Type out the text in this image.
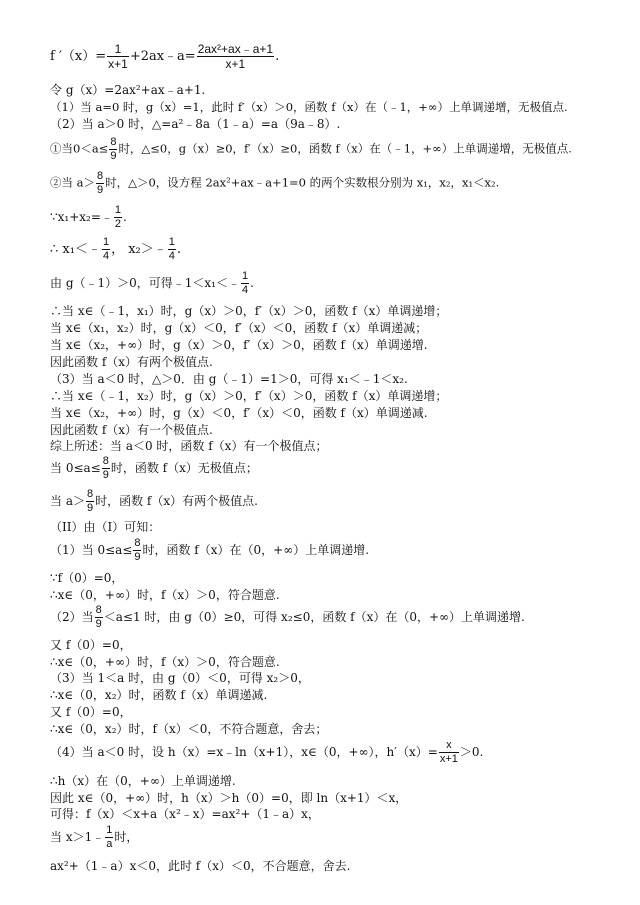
f $'(x)= \frac{1}{x+1}$ +2ax﹣a= $\frac{\text{2ax²+ax﹣a+1}}{x+1}$ .
令 g（x）=2ax²+ax﹣a+1.
（1）当 a=0 时，g（x）=1，此时 f′（x）＞0，函数 f（x）在（﹣1，+∞）上单调递增，无极值点.
（2）当 a＞0 时，△=a²﹣8a（1﹣a）=a（9a﹣8）.
①当$0<a\le \frac{8}{9}$ 时，△≤0，g（x）≥0，f′（x）≥0，函数 f（x）在（﹣1，+∞）上单调递增，无极值点.
②当 $a> \frac{8}{9}$ 时，△＞0，设方程 2ax²+ax﹣a+1=0 的两个实数根分别为 x₁，x₂，x₁＜x₂.
∵x₁+x₂=﹣ $\frac{1}{2}$ .
∴ x₁＜﹣ $\frac{1}{4}$ ， x₂＞﹣ $\frac{1}{4}$ .
由 g（﹣1）＞0，可得﹣1＜x₁＜﹣ $\frac{1}{4}$ .
∴当 x∈（﹣1，x₁）时，g（x）＞0，f′（x）＞0，函数 f（x）单调递增；
当 x∈（x₁，x₂）时，g（x）＜0，f′（x）＜0，函数 f（x）单调递减；
当 x∈（x₂，+∞）时，g（x）＞0，f′（x）＞0，函数 f（x）单调递增.
因此函数 f（x）有两个极值点.
（3）当 a＜0 时，△＞0．由 g（﹣1）=1＞0，可得 x₁＜﹣1＜x₂.
∴当 x∈（﹣1，x₂）时，g（x）＞0，f′（x）＞0，函数 f（x）单调递增；
当 x∈（x₂，+∞）时，g（x）＜0，f′（x）＜0，函数 f（x）单调递减.
因此函数 f（x）有一个极值点.
综上所述：当 a＜0 时，函数 f（x）有一个极值点；
当 $0\le a\le \frac{8}{9}$ 时，函数 f（x）无极值点；
当 $a> \frac{8}{9}$ 时，函数 f（x）有两个极值点.
（II）由（I）可知：
（1）当 $0\le a\le \frac{8}{9}$ 时，函数 f（x）在（0，+∞）上单调递增.
∵f（0）=0，
∴x∈（0，+∞）时，f（x）＞0，符合题意.
（2）当 $\frac{8}{9} <a\le 1$ 时，由 g（0）≥0，可得 x₂≤0，函数 f（x）在（0，+∞）上单调递增.
又 f（0）=0，
∴x∈（0，+∞）时，f（x）＞0，符合题意.
（3）当 1＜a 时，由 g（0）＜0，可得 x₂＞0，
∴x∈（0，x₂）时，函数 f（x）单调递减.
又 f（0）=0，
∴x∈（0，x₂）时，f（x）＜0，不符合题意，舍去；
（4）当 a＜0 时，设 h（x）=x﹣ln（x+1），x∈（0，+∞），$h'(x)= \frac{x}{x+1} >0$.
∴h（x）在（0，+∞）上单调递增.
因此 x∈（0，+∞）时，h（x）＞h（0）=0，即 ln（x+1）＜x，
可得：f（x）＜x+a（x²﹣x）=ax²+（1﹣a）x，
当 x＞1﹣ $\frac{1}{a}$ 时，
ax²+（1﹣a）x＜0，此时 f（x）＜0，不合题意，舍去.
